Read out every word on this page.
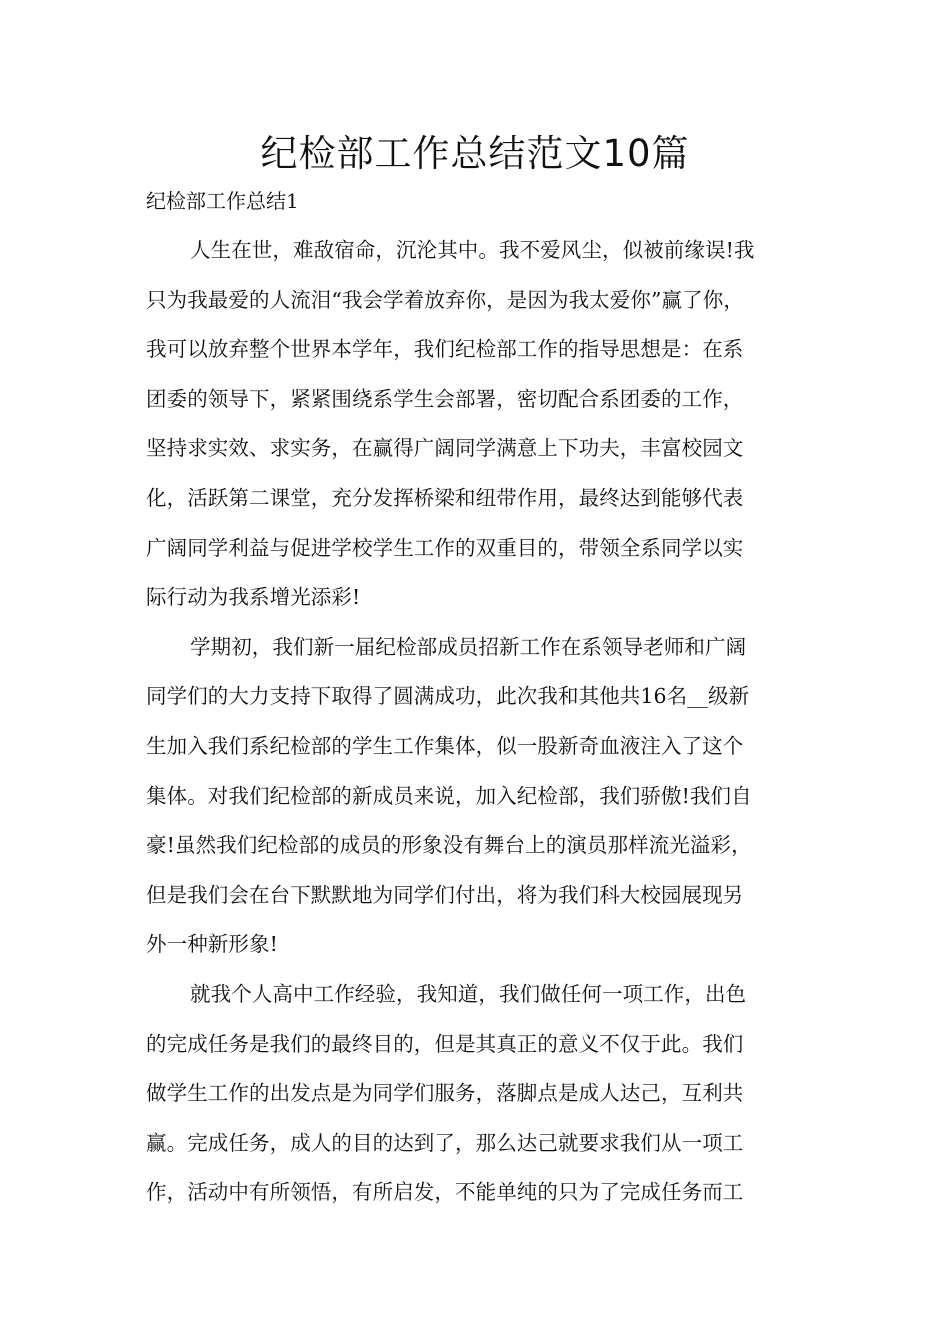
纪检部工作总结范文10篇
纪检部工作总结1

人生在世，难敌宿命，沉沦其中。我不爱风尘，似被前缘误!我
只为我最爱的人流泪“我会学着放弃你，是因为我太爱你”赢了你，
我可以放弃整个世界本学年，我们纪检部工作的指导思想是：在系
团委的领导下，紧紧围绕系学生会部署，密切配合系团委的工作，
坚持求实效、求实务，在赢得广阔同学满意上下功夫，丰富校园文
化，活跃第二课堂，充分发挥桥梁和纽带作用，最终达到能够代表
广阔同学利益与促进学校学生工作的双重目的，带领全系同学以实
际行动为我系增光添彩!

学期初，我们新一届纪检部成员招新工作在系领导老师和广阔
同学们的大力支持下取得了圆满成功，此次我和其他共16名__级新
生加入我们系纪检部的学生工作集体，似一股新奇血液注入了这个
集体。对我们纪检部的新成员来说，加入纪检部，我们骄傲!我们自
豪!虽然我们纪检部的成员的形象没有舞台上的演员那样流光溢彩，
但是我们会在台下默默地为同学们付出，将为我们科大校园展现另
外一种新形象!

就我个人高中工作经验，我知道，我们做任何一项工作，出色
的完成任务是我们的最终目的，但是其真正的意义不仅于此。我们
做学生工作的出发点是为同学们服务，落脚点是成人达己，互利共
赢。完成任务，成人的目的达到了，那么达己就要求我们从一项工
作，活动中有所领悟，有所启发，不能单纯的只为了完成任务而工
